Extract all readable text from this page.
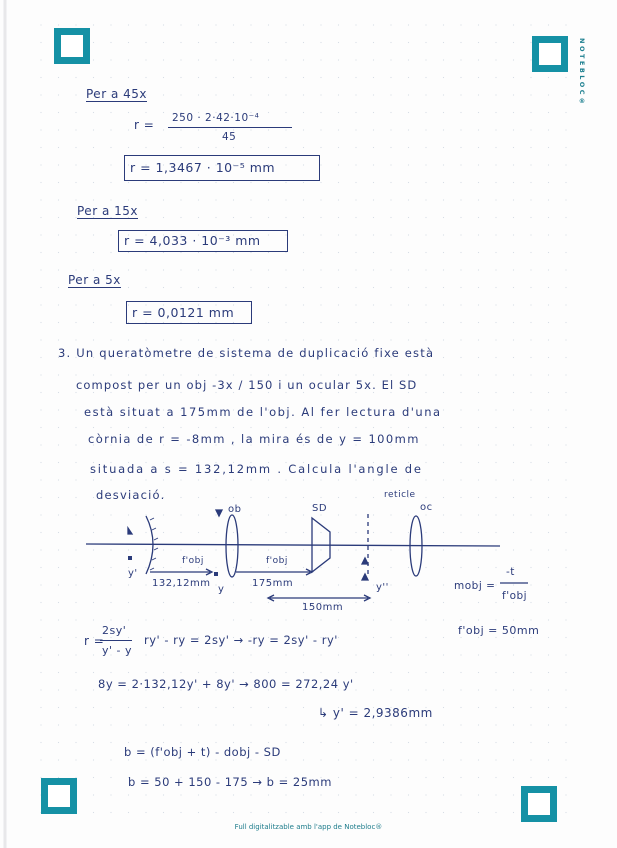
NOTEBLOC®
Full digitalitzable amb l'app de Notebloc®
Per a 45x
r = 250 · 2·42·10⁻⁴
45
r = 1,3467 · 10⁻⁵ mm
Per a 15x
r = 4,033 · 10⁻³ mm
Per a 5x
r = 0,0121 mm
3. Un queratòmetre de sistema de duplicació fixe està
compost per un obj -3x / 150 i un ocular 5x. El SD
està situat a 175mm de l'obj. Al fer lectura d'una
còrnia de r = -8mm , la mira és de y = 100mm
situada a s = 132,12mm . Calcula l'angle de
desviació.	reticle
oc
ob	SD
y'
f'obj
132,12mm
y
f'obj
175mm
150mm
y''	mobj =
-t
f'obj
f'obj = 50mm
r =
2sy'
y' - y
ry' - ry = 2sy' → -ry = 2sy' - ry'
8y = 2·132,12y' + 8y' → 800 = 272,24 y'
↳ y' = 2,9386mm
b = (f'obj + t) - dobj - SD
b = 50 + 150 - 175 → b = 25mm
